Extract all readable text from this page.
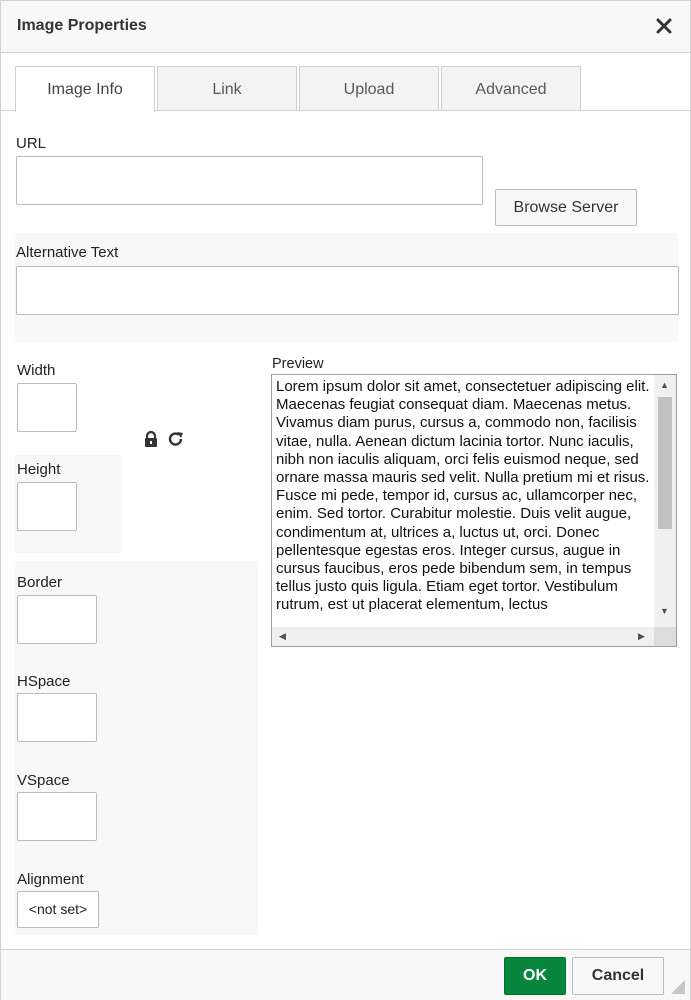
Image Properties
Image Info	Link	Upload	Advanced
URL
Browse Server
Alternative Text
Width
Height
Border
HSpace
VSpace
Alignment
<not set>
Preview
Lorem ipsum dolor sit amet, consectetuer adipiscing elit. Maecenas feugiat consequat diam. Maecenas metus. Vivamus diam purus, cursus a, commodo non, facilisis vitae, nulla. Aenean dictum lacinia tortor. Nunc iaculis, nibh non iaculis aliquam, orci felis euismod neque, sed ornare massa mauris sed velit. Nulla pretium mi et risus. Fusce mi pede, tempor id, cursus ac, ullamcorper nec, enim. Sed tortor. Curabitur molestie. Duis velit augue, condimentum at, ultrices a, luctus ut, orci. Donec pellentesque egestas eros. Integer cursus, augue in cursus faucibus, eros pede bibendum sem, in tempus tellus justo quis ligula. Etiam eget tortor. Vestibulum rutrum, est ut placerat elementum, lectus
▲
▼
◀	▶
OK	Cancel
